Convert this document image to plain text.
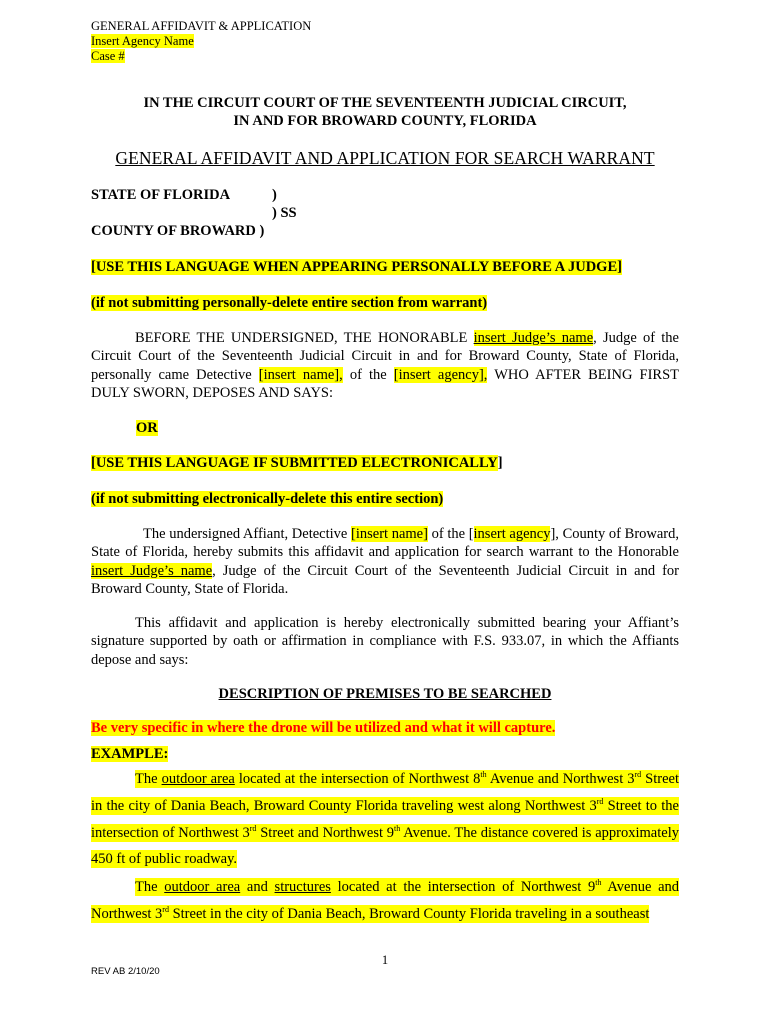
GENERAL AFFIDAVIT & APPLICATION
Insert Agency Name
Case #
IN THE CIRCUIT COURT OF THE SEVENTEENTH JUDICIAL CIRCUIT,
IN AND FOR BROWARD COUNTY, FLORIDA
GENERAL AFFIDAVIT AND APPLICATION FOR SEARCH WARRANT
STATE OF FLORIDA	)
) SS
COUNTY OF BROWARD )
[USE THIS LANGUAGE WHEN APPEARING PERSONALLY BEFORE A JUDGE]
(if not submitting personally-delete entire section from warrant)
BEFORE THE UNDERSIGNED, THE HONORABLE insert Judge’s name, Judge of the Circuit Court of the Seventeenth Judicial Circuit in and for Broward County, State of Florida, personally came Detective [insert name], of the [insert agency], WHO AFTER BEING FIRST DULY SWORN, DEPOSES AND SAYS:
OR
[USE THIS LANGUAGE IF SUBMITTED ELECTRONICALLY]
(if not submitting electronically-delete this entire section)
The undersigned Affiant, Detective [insert name] of the [insert agency], County of Broward, State of Florida, hereby submits this affidavit and application for search warrant to the Honorable insert Judge’s name, Judge of the Circuit Court of the Seventeenth Judicial Circuit in and for Broward County, State of Florida.
This affidavit and application is hereby electronically submitted bearing your Affiant’s signature supported by oath or affirmation in compliance with F.S. 933.07, in which the Affiants depose and says:
DESCRIPTION OF PREMISES TO BE SEARCHED
Be very specific in where the drone will be utilized and what it will capture.
EXAMPLE:
The outdoor area located at the intersection of Northwest 8th Avenue and Northwest 3rd Street in the city of Dania Beach, Broward County Florida traveling west along Northwest 3rd Street to the intersection of Northwest 3rd Street and Northwest 9th Avenue. The distance covered is approximately 450 ft of public roadway.
The outdoor area and structures located at the intersection of Northwest 9th Avenue and Northwest 3rd Street in the city of Dania Beach, Broward County Florida traveling in a southeast
1
REV AB 2/10/20
